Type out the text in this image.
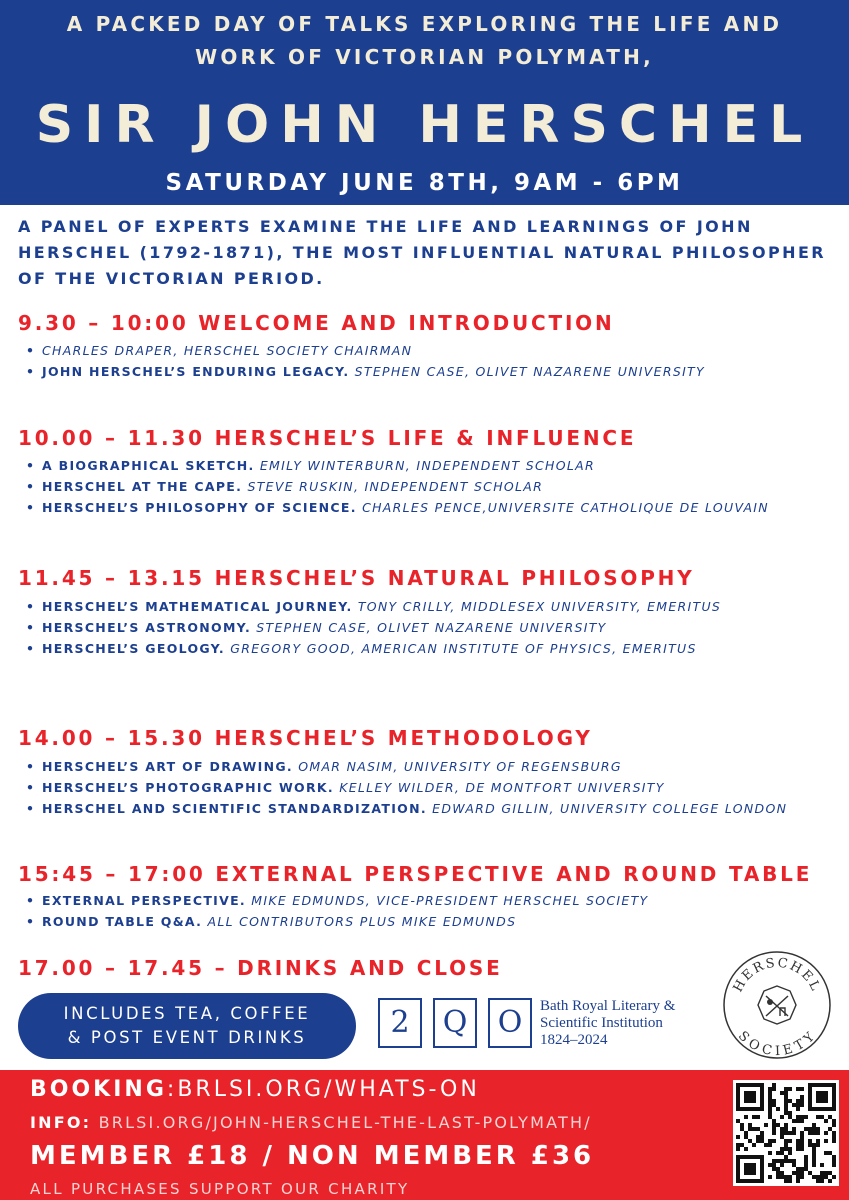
A PACKED DAY OF TALKS EXPLORING THE LIFE AND
WORK OF VICTORIAN POLYMATH,
SIR JOHN HERSCHEL
SATURDAY JUNE 8TH, 9AM - 6PM
A PANEL OF EXPERTS EXAMINE THE LIFE AND LEARNINGS OF JOHN HERSCHEL (1792-1871), THE MOST INFLUENTIAL NATURAL PHILOSOPHER OF THE VICTORIAN PERIOD.
9.30 – 10:00 WELCOME AND INTRODUCTION
• CHARLES DRAPER, HERSCHEL SOCIETY CHAIRMAN
• JOHN HERSCHEL’S ENDURING LEGACY. STEPHEN CASE, OLIVET NAZARENE UNIVERSITY
10.00 – 11.30 HERSCHEL’S LIFE & INFLUENCE
• A BIOGRAPHICAL SKETCH. EMILY WINTERBURN, INDEPENDENT SCHOLAR
• HERSCHEL AT THE CAPE. STEVE RUSKIN, INDEPENDENT SCHOLAR
• HERSCHEL’S PHILOSOPHY OF SCIENCE. CHARLES PENCE,UNIVERSITE CATHOLIQUE DE LOUVAIN
11.45 – 13.15 HERSCHEL’S NATURAL PHILOSOPHY
• HERSCHEL’S MATHEMATICAL JOURNEY. TONY CRILLY, MIDDLESEX UNIVERSITY, EMERITUS
• HERSCHEL’S ASTRONOMY. STEPHEN CASE, OLIVET NAZARENE UNIVERSITY
• HERSCHEL’S GEOLOGY. GREGORY GOOD, AMERICAN INSTITUTE OF PHYSICS, EMERITUS
14.00 – 15.30 HERSCHEL’S METHODOLOGY
• HERSCHEL’S ART OF DRAWING. OMAR NASIM, UNIVERSITY OF REGENSBURG
• HERSCHEL’S PHOTOGRAPHIC WORK. KELLEY WILDER, DE MONTFORT UNIVERSITY
• HERSCHEL AND SCIENTIFIC STANDARDIZATION. EDWARD GILLIN, UNIVERSITY COLLEGE LONDON
15:45 – 17:00 EXTERNAL PERSPECTIVE AND ROUND TABLE
• EXTERNAL PERSPECTIVE. MIKE EDMUNDS, VICE-PRESIDENT HERSCHEL SOCIETY
• ROUND TABLE Q&A. ALL CONTRIBUTORS PLUS MIKE EDMUNDS
17.00 – 17.45 – DRINKS AND CLOSE
INCLUDES TEA, COFFEE
& POST EVENT DRINKS	2	Q	O	Bath Royal Literary &
Scientific Institution
1824–2024
HERSCHEL
SOCIETY
BOOKING:BRLSI.ORG/WHATS-ON
INFO: BRLSI.ORG/JOHN-HERSCHEL-THE-LAST-POLYMATH/
MEMBER £18 / NON MEMBER £36
ALL PURCHASES SUPPORT OUR CHARITY
